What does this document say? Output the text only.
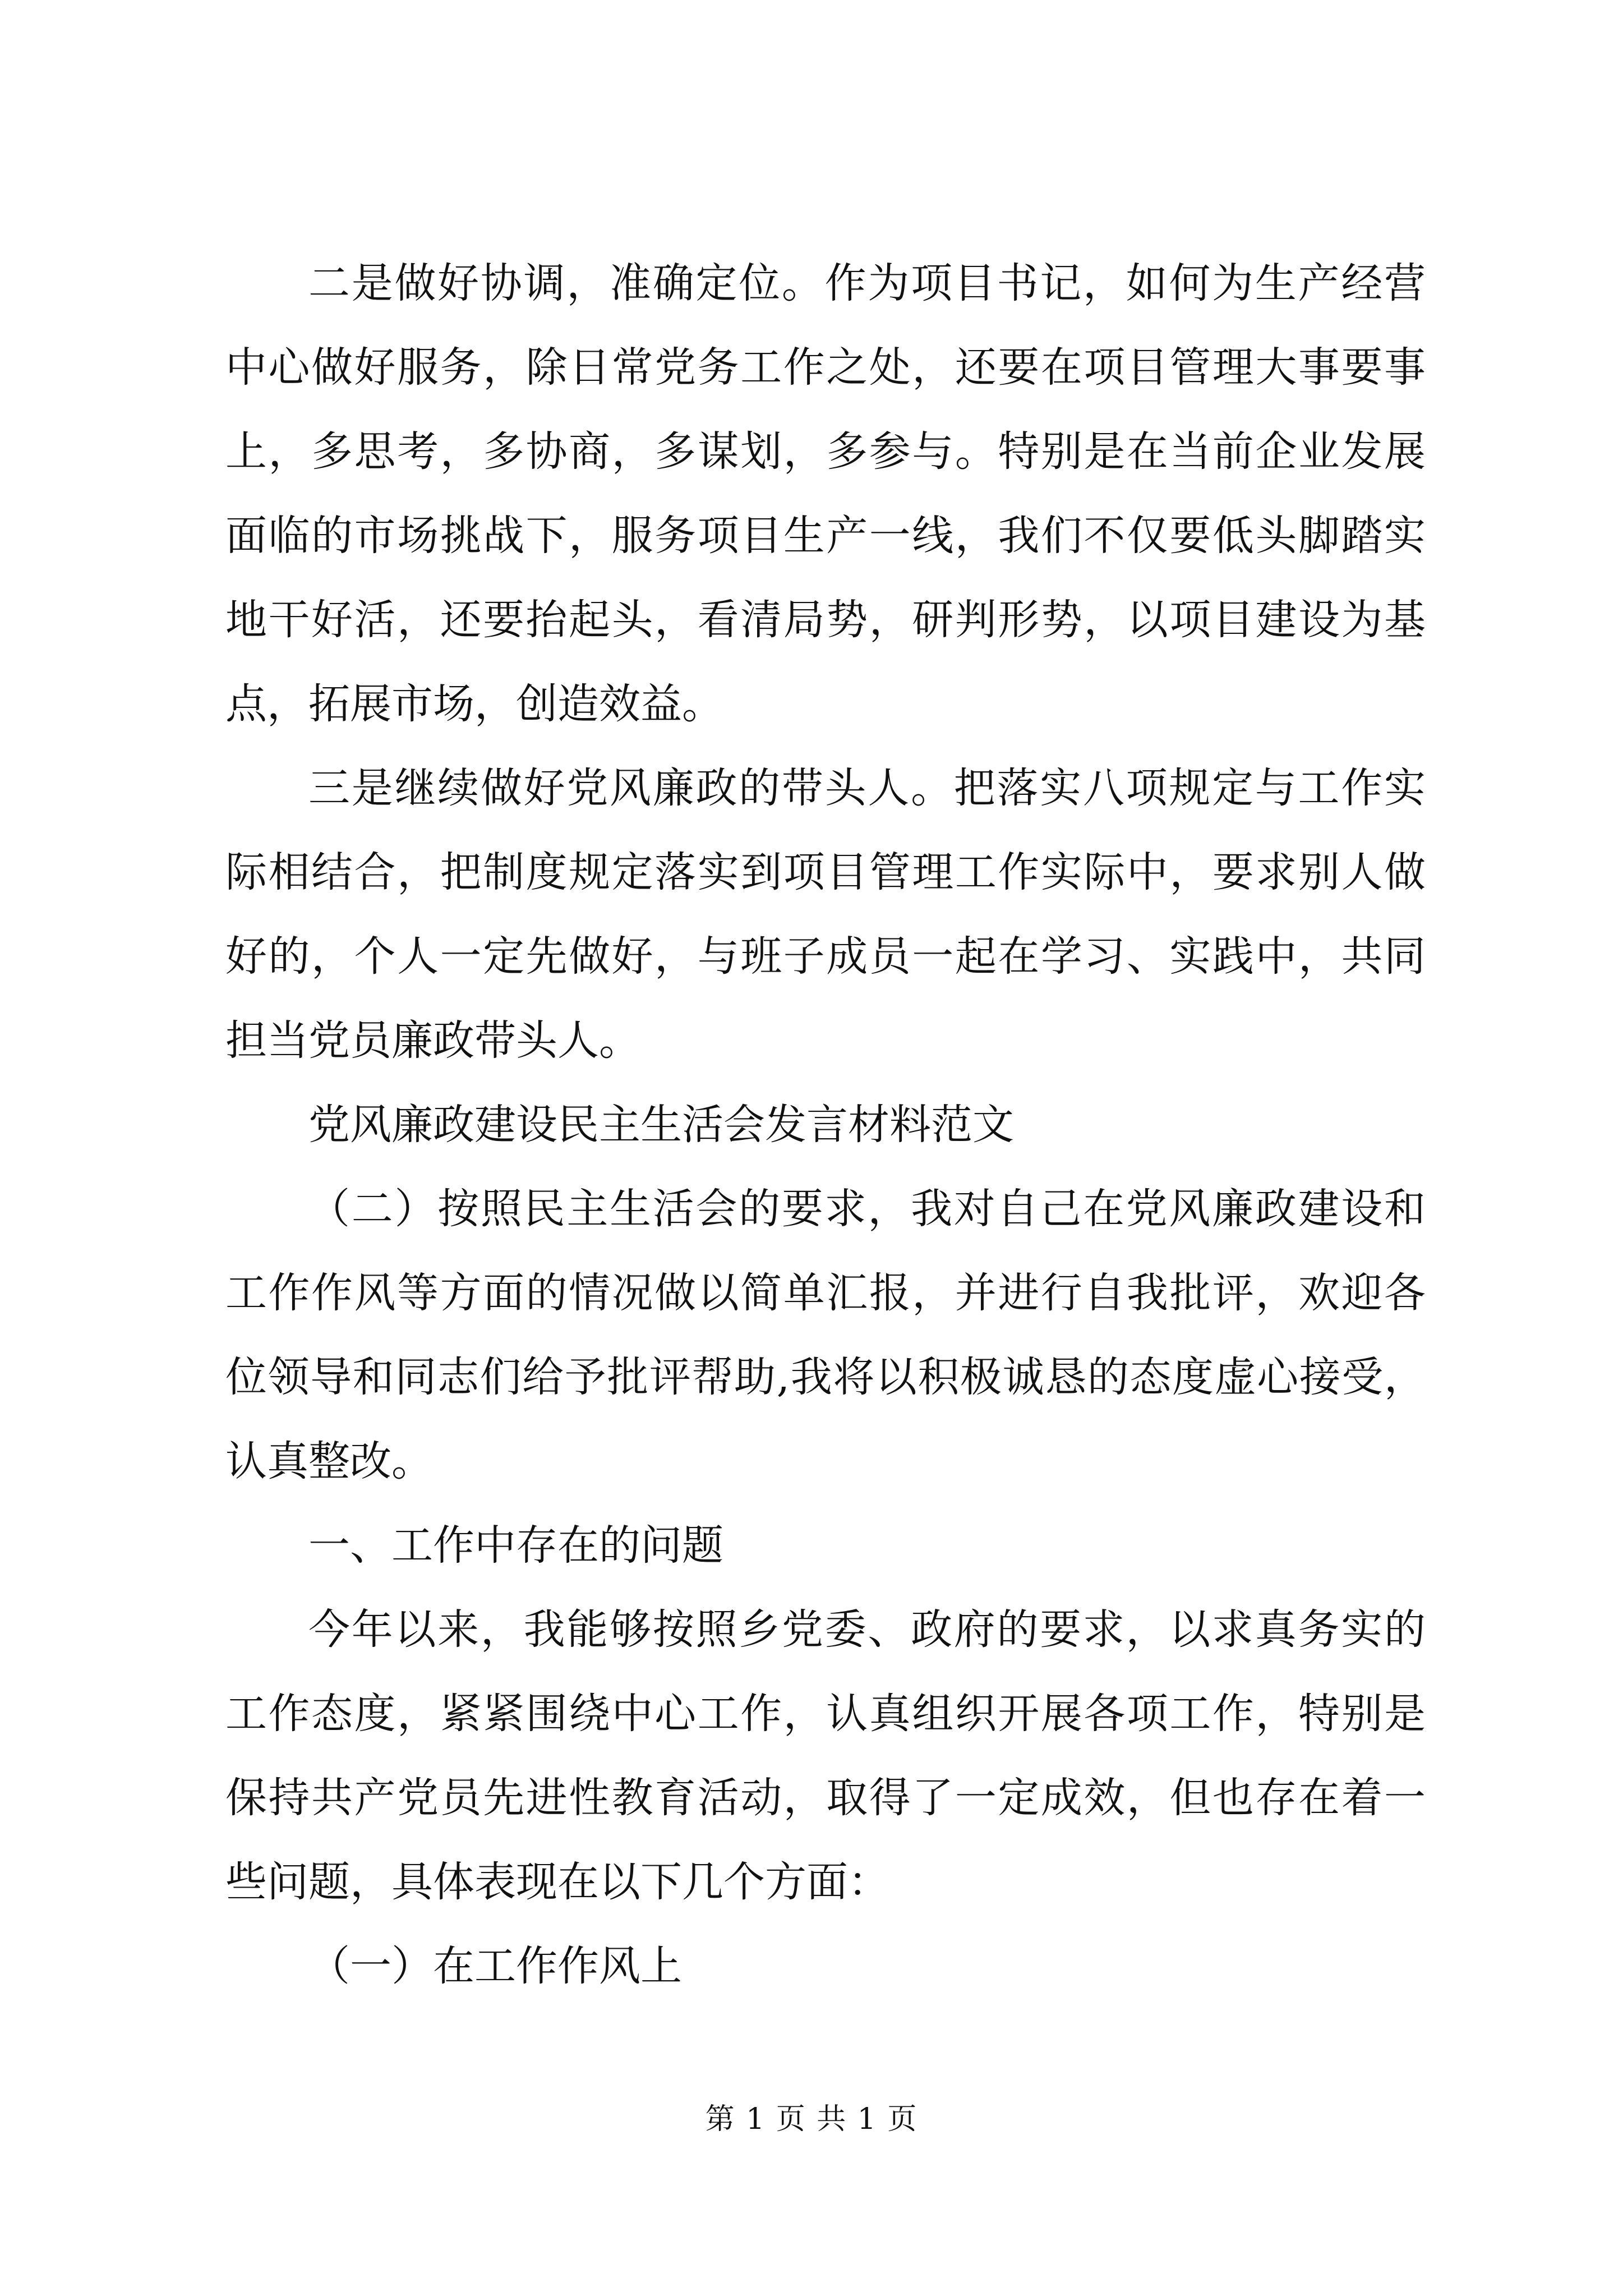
二是做好协调，准确定位。作为项目书记，如何为生产经营中心做好服务，除日常党务工作之处，还要在项目管理大事要事上，多思考，多协商，多谋划，多参与。特别是在当前企业发展面临的市场挑战下，服务项目生产一线，我们不仅要低头脚踏实地干好活，还要抬起头，看清局势，研判形势，以项目建设为基点，拓展市场，创造效益。

三是继续做好党风廉政的带头人。把落实八项规定与工作实际相结合，把制度规定落实到项目管理工作实际中，要求别人做好的，个人一定先做好，与班子成员一起在学习、实践中，共同担当党员廉政带头人。

党风廉政建设民主生活会发言材料范文

（二）按照民主生活会的要求，我对自己在党风廉政建设和工作作风等方面的情况做以简单汇报，并进行自我批评，欢迎各位领导和同志们给予批评帮助,我将以积极诚恳的态度虚心接受，认真整改。

一、工作中存在的问题

今年以来，我能够按照乡党委、政府的要求，以求真务实的工作态度，紧紧围绕中心工作，认真组织开展各项工作，特别是保持共产党员先进性教育活动，取得了一定成效，但也存在着一些问题，具体表现在以下几个方面：

（一）在工作作风上

第 1 页 共 1 页
